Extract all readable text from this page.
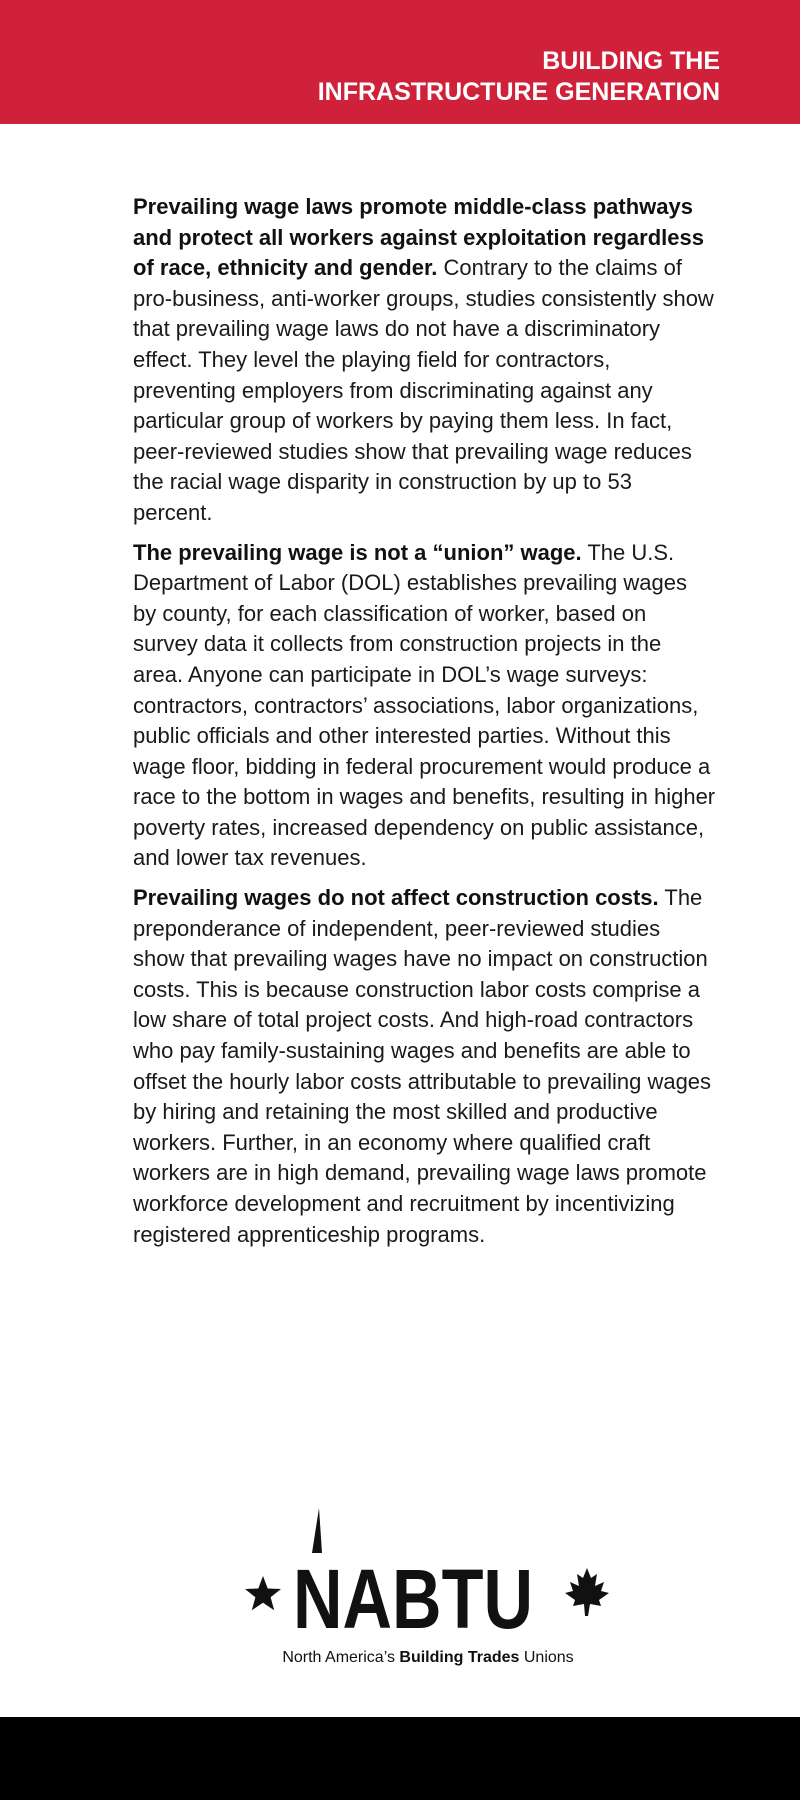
BUILDING THE
INFRASTRUCTURE GENERATION

Prevailing wage laws promote middle-class pathways and protect all workers against exploitation regardless of race, ethnicity and gender. Contrary to the claims of pro-business, anti-worker groups, studies consistently show that prevailing wage laws do not have a discriminatory effect. They level the playing field for contractors, preventing employers from discriminating against any particular group of workers by paying them less. In fact, peer-reviewed studies show that prevailing wage reduces the racial wage disparity in construction by up to 53 percent.

The prevailing wage is not a “union” wage. The U.S. Department of Labor (DOL) establishes prevailing wages by county, for each classification of worker, based on survey data it collects from construction projects in the area. Anyone can participate in DOL’s wage surveys: contractors, contractors’ associations, labor organizations, public officials and other interested parties. Without this wage floor, bidding in federal procurement would produce a race to the bottom in wages and benefits, resulting in higher poverty rates, increased dependency on public assistance, and lower tax revenues.

Prevailing wages do not affect construction costs. The preponderance of independent, peer-reviewed studies show that prevailing wages have no impact on construction costs. This is because construction labor costs comprise a low share of total project costs. And high-road contractors who pay family-sustaining wages and benefits are able to offset the hourly labor costs attributable to prevailing wages by hiring and retaining the most skilled and productive workers. Further, in an economy where qualified craft workers are in high demand, prevailing wage laws promote workforce development and recruitment by incentivizing registered apprenticeship programs.

NABTU
North America’s Building Trades Unions
